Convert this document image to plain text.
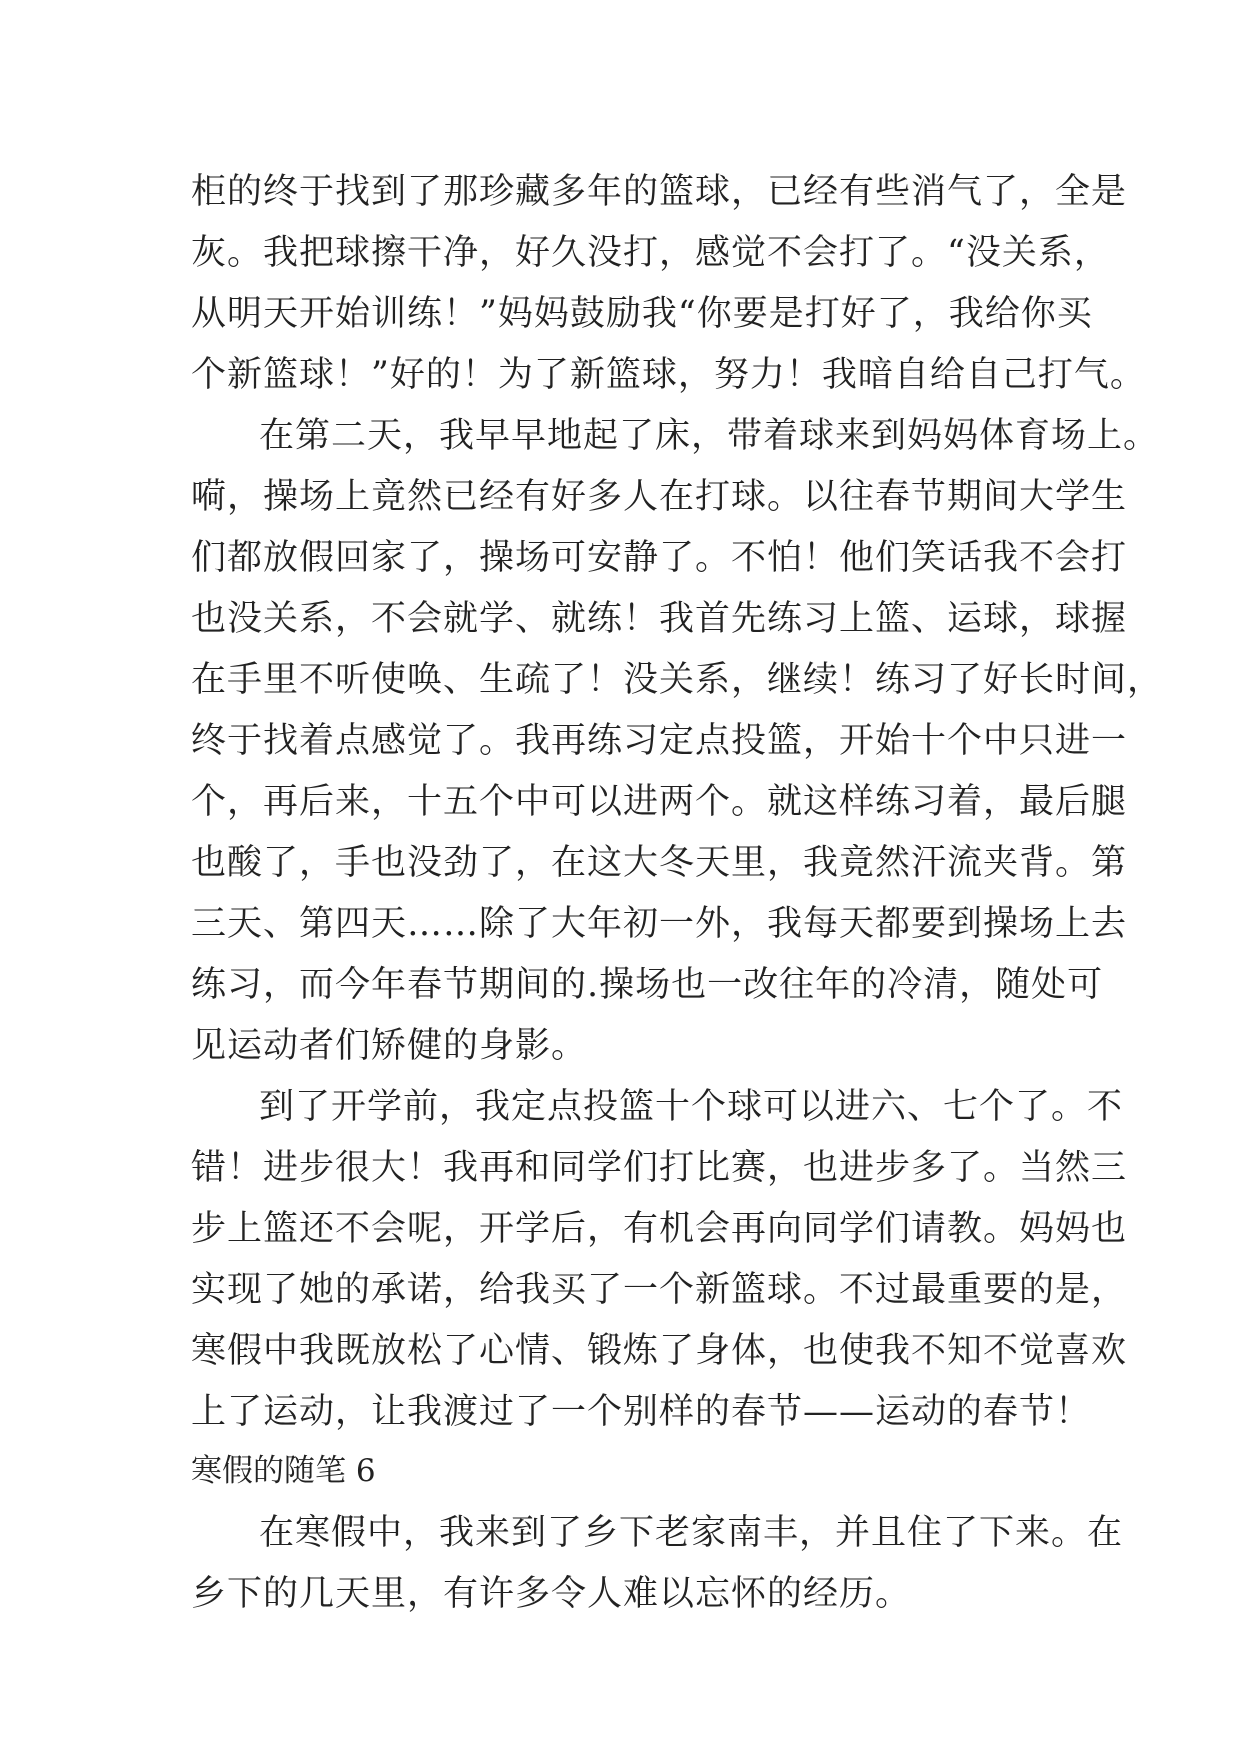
柜的终于找到了那珍藏多年的篮球，已经有些消气了，全是
灰。我把球擦干净，好久没打，感觉不会打了。“没关系，
从明天开始训练！”妈妈鼓励我“你要是打好了，我给你买
个新篮球！”好的！为了新篮球，努力！我暗自给自己打气。
在第二天，我早早地起了床，带着球来到妈妈体育场上。
嗬，操场上竟然已经有好多人在打球。以往春节期间大学生
们都放假回家了，操场可安静了。不怕！他们笑话我不会打
也没关系，不会就学、就练！我首先练习上篮、运球，球握
在手里不听使唤、生疏了！没关系，继续！练习了好长时间，
终于找着点感觉了。我再练习定点投篮，开始十个中只进一
个，再后来，十五个中可以进两个。就这样练习着，最后腿
也酸了，手也没劲了，在这大冬天里，我竟然汗流夹背。第
三天、第四天……除了大年初一外，我每天都要到操场上去
练习，而今年春节期间的.操场也一改往年的冷清，随处可
见运动者们矫健的身影。
到了开学前，我定点投篮十个球可以进六、七个了。不
错！进步很大！我再和同学们打比赛，也进步多了。当然三
步上篮还不会呢，开学后，有机会再向同学们请教。妈妈也
实现了她的承诺，给我买了一个新篮球。不过最重要的是，
寒假中我既放松了心情、锻炼了身体，也使我不知不觉喜欢
上了运动，让我渡过了一个别样的春节——运动的春节！
寒假的随笔 6
在寒假中，我来到了乡下老家南丰，并且住了下来。在
乡下的几天里，有许多令人难以忘怀的经历。
